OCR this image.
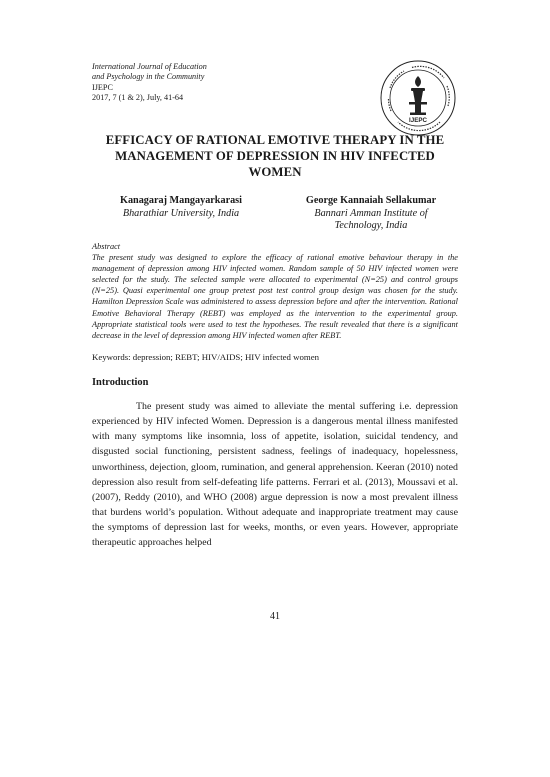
International Journal of Education
and Psychology in the Community
IJEPC
2017, 7 (1 & 2), July, 41-64
IJEPC
EFFICACY OF RATIONAL EMOTIVE THERAPY IN THE
MANAGEMENT OF DEPRESSION IN HIV INFECTED
WOMEN
Kanagaraj Mangayarkarasi
Bharathiar University, India
George Kannaiah Sellakumar
Bannari Amman Institute of
Technology, India
Abstract
The present study was designed to explore the efficacy of rational emotive behaviour therapy in the management of depression among HIV infected women. Random sample of 50 HIV infected women were selected for the study. The selected sample were allocated to experimental (N=25) and control groups (N=25). Quasi experimental one group pretest post test control group design was chosen for the study. Hamilton Depression Scale was administered to assess depression before and after the intervention. Rational Emotive Behavioral Therapy (REBT) was employed as the intervention to the experimental group. Appropriate statistical tools were used to test the hypotheses. The result revealed that there is a significant decrease in the level of depression among HIV infected women after REBT.
Keywords: depression; REBT; HIV/AIDS; HIV infected women
Introduction

The present study was aimed to alleviate the mental suffering i.e. depression experienced by HIV infected Women. Depression is a dangerous mental illness manifested with many symptoms like insomnia, loss of appetite, isolation, suicidal tendency, and disgusted social functioning, persistent sadness, feelings of inadequacy, hopelessness, unworthiness, dejection, gloom, rumination, and general apprehension. Keeran (2010) noted depression also result from self-defeating life patterns. Ferrari et al. (2013), Moussavi et al. (2007), Reddy (2010), and WHO (2008) argue depression is now a most prevalent illness that burdens world’s population. Without adequate and inappropriate treatment may cause the symptoms of depression last for weeks, months, or even years. However, appropriate therapeutic approaches helped

41
